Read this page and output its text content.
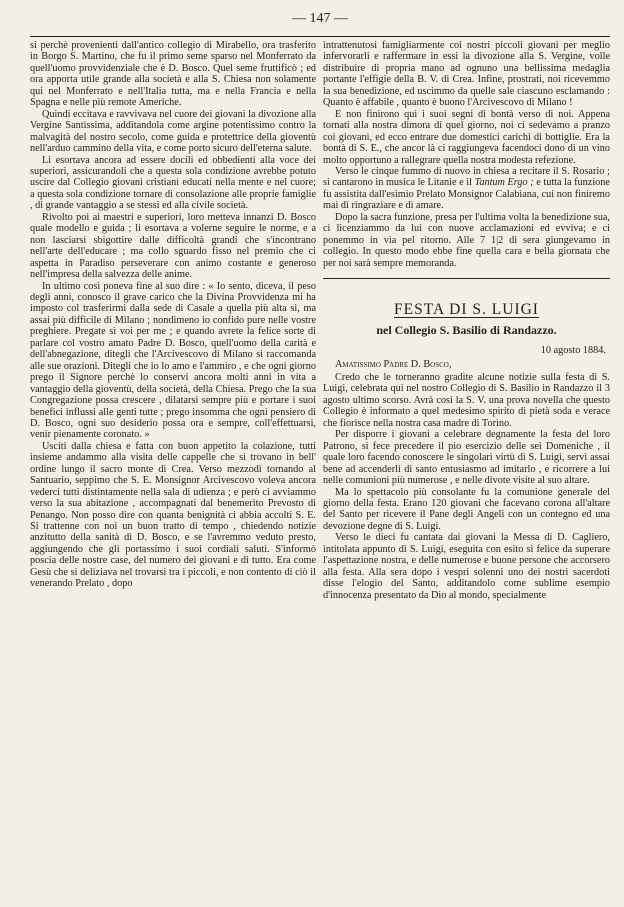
— 147 —

si perchè provenienti dall'antico collegio di Mirabello, ora trasferito in Borgo S. Martino, che fu il primo seme sparso nel Monferrato da quell'uomo provvidenziale che è D. Bosco. Quel seme fruttificò ; ed ora apporta utile grande alla società e alla S. Chiesa non solamente qui nel Monferrato e nell'Italia tutta, ma e nella Francia e nella Spagna e nelle più remote Americhe.

Quindi eccitava e ravvivava nel cuore dei giovani la divozione alla Vergine Santissima, additandola come argine potentissimo contro la malvagità del nostro secolo, come guida e protettrice della gioventù nell'arduo cammino della vita, e come porto sicuro dell'eterna salute.

Li esortava ancora ad essere docili ed obbedienti alla voce dei superiori, assicurandoli che a questa sola condizione avrebbe potuto uscire dal Collegio giovani cristiani educati nella mente e nel cuore; a questa sola condizione tornare di consolazione alle proprie famiglie , di grande vantaggio a se stessi ed alla civile società.

Rivolto poi ai maestri e superiori, loro metteva innanzi D. Bosco quale modello e guida ; li esortava a volerne seguire le norme, e a non lasciarsi sbigottire dalle difficoltà grandi che s'incontrano nell'arte dell'educare ; ma collo sguardo fisso nel premio che ci aspetta in Paradiso perseverare con animo costante e generoso nell'impresa della salvezza delle anime.

In ultimo così poneva fine al suo dire : « Io sento, diceva, il peso degli anni, conosco il grave carico che la Divina Provvidenza mi ha imposto col trasferirmi dalla sede di Casale a quella più alta si, ma assai più difficile di Milano ; nondimeno io confido pure nelle vostre preghiere. Pregate sì voi per me ; e quando avrete la felice sorte di parlare col vostro amato Padre D. Bosco, quell'uomo della carità e dell'abnegazione, ditegli che l'Arcivescovo di Milano si raccomanda alle sue orazioni. Ditegli che io lo amo e l'ammiro , e che ogni giorno prego il Signore perchè lo conservi ancora molti anni in vita a vantaggio della gioventù, della società, della Chiesa. Prego che la sua Congregazione possa crescere , dilatarsi sempre più e portare i suoi benefici influssi alle genti tutte ; prego insomma che ogni pensiero di D. Bosco, ogni suo desiderio possa ora e sempre, coll'effettuarsi, venir pienamente coronato. »

Usciti dalla chiesa e fatta con buon appetito la colazione, tutti insieme andammo alla visita delle cappelle che si trovano in bell' ordine lungo il sacro monte di Crea. Verso mezzodì tornando al Santuario, seppimo che S. E. Monsignor Arcivescovo voleva ancora vederci tutti distintamente nella sala di udienza ; e però ci avviammo verso la sua abitazione , accompagnati dal benemerito Prevosto di Penango. Non posso dire con quanta benignità ci abbia accolti S. E. Si trattenne con noi un buon tratto di tempo , chiedendo notizie anzitutto della sanità di D. Bosco, e se l'avremmo veduto presto, aggiungendo che gli portassimo i suoi cordiali saluti. S'informò poscia delle nostre case, del numero dei giovani e di tutto. Era come Gesù che si deliziava nel trovarsi tra i piccoli, e non contento di ciò il venerando Prelato , dopo

intrattenutosi famigliarmente coi nostri piccoli giovani per meglio infervorarli e raffermare in essi la divozione alla S. Vergine, volle distribuire di propria mano ad ognuno una bellissima medaglia portante l'effigie della B. V. di Crea. Infine, prostrati, noi ricevemmo la sua benedizione, ed uscimmo da quelle sale ciascuno esclamando : Quanto è affabile , quanto è buono l'Arcivescovo di Milano !

E non finirono qui i suoi segni di bontà verso di noi. Appena tornati alla nostra dimora di quel giorno, noi ci sedevamo a pranzo coi giovani, ed ecco entrare due domestici carichi di bottiglie. Era la bontà di S. E., che ancor là ci raggiungeva facendoci dono di un vino molto opportuno a rallegrare quella nostra modesta refezione.

Verso le cinque fummo di nuovo in chiesa a recitare il S. Rosario ; si cantarono in musica le Litanie e il Tantum Ergo ; e tutta la funzione fu assistita dall'esimio Prelato Monsignor Calabiana, cui non finiremo mai di ringraziare e di amare.

Dopo la sacra funzione, presa per l'ultima volta la benedizione sua, ci licenziammo da lui con nuove acclamazioni ed evviva; e ci ponemmo in via pel ritorno. Alle 7 1|2 di sera giungevamo in collegio. In questo modo ebbe fine quella cara e bella giornata che per noi sarà sempre memoranda.

FESTA DI S. LUIGI
nel Collegio S. Basilio di Randazzo.
10 agosto 1884.
Amatissimo Padre D. Bosco,

Credo che le torneranno gradite alcune notizie sulla festa di S. Luigi, celebrata qui nel nostro Collegio di S. Basilio in Randazzo il 3 agosto ultimo scorso. Avrà così la S. V. una prova novella che questo Collegio è informato a quel medesimo spirito di pietà soda e verace che fiorisce nella nostra casa madre di Torino.

Per disporre i giovani a celebrare degnamente la festa del loro Patrono, si fece precedere il pio esercizio delle sei Domeniche , il quale loro facendo conoscere le singolari virtù di S. Luigi, servì assai bene ad accenderli di santo entusiasmo ad imitarlo , e ricorrere a lui nelle comunioni più numerose , e nelle divote visite al suo altare.

Ma lo spettacolo più consolante fu la comunione generale del giorno della festa. Erano 120 giovani che facevano corona all'altare del Santo per ricevere il Pane degli Angeli con un contegno ed una devozione degne di S. Luigi.

Verso le dieci fu cantata dai giovani la Messa di D. Cagliero, intitolata appunto di S. Luigi, eseguita con esito sì felice da superare l'aspettazione nostra, e delle numerose e buone persone che accorsero alla festa. Alla sera dopo i vespri solenni uno dei nostri sacerdoti disse l'elogio del Santo, additandolo come sublime esempio d'innocenza presentato da Dio al mondo, specialmente
